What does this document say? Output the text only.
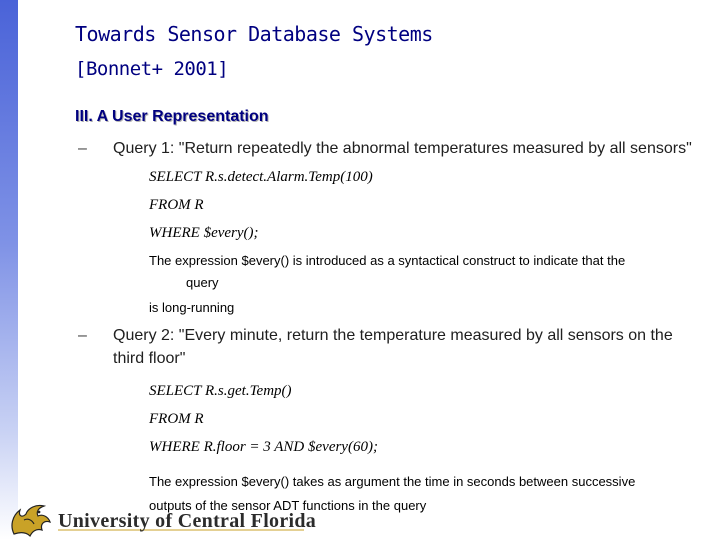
Towards Sensor Database Systems
[Bonnet+ 2001]
III. A User Representation
– Query 1: "Return repeatedly the abnormal temperatures measured by all sensors"
SELECT R.s.detect.Alarm.Temp(100)
FROM R
WHERE $every();
The expression $every() is introduced as a syntactical construct to indicate that the
query
is long-running
– Query 2: "Every minute, return the temperature measured by all sensors on the
third floor"
SELECT R.s.get.Temp()
FROM R
WHERE R.floor = 3 AND $every(60);
The expression $every() takes as argument the time in seconds between successive
outputs of the sensor ADT functions in the query
University of Central Florida
